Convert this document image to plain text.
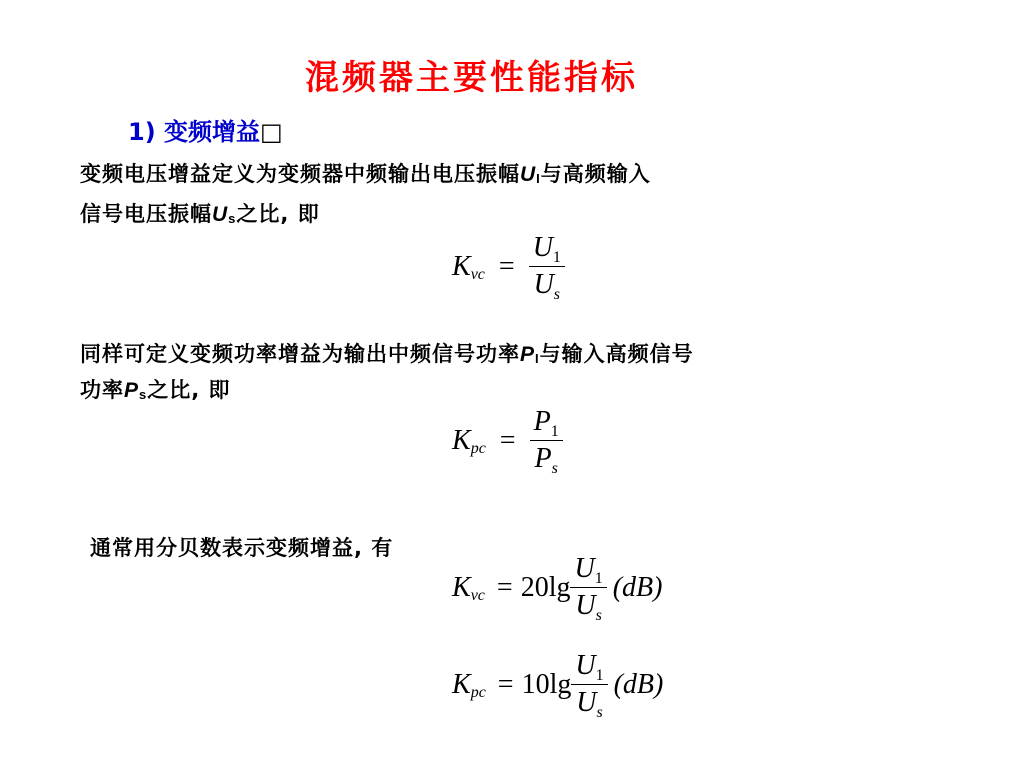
混频器主要性能指标
1) 变频增益□
变频电压增益定义为变频器中频输出电压振幅UI与高频输入
信号电压振幅Us之比, 即
K vc = $\frac{U_1}{U_s}$
同样可定义变频功率增益为输出中频信号功率PI与输入高频信号
功率Ps之比, 即
K pc = $\frac{P_1}{P_s}$
通常用分贝数表示变频增益, 有
K vc = $20\lg \frac{U_1}{U_s} (dB)$
K pc = $10\lg \frac{U_1}{U_s} (dB)$
